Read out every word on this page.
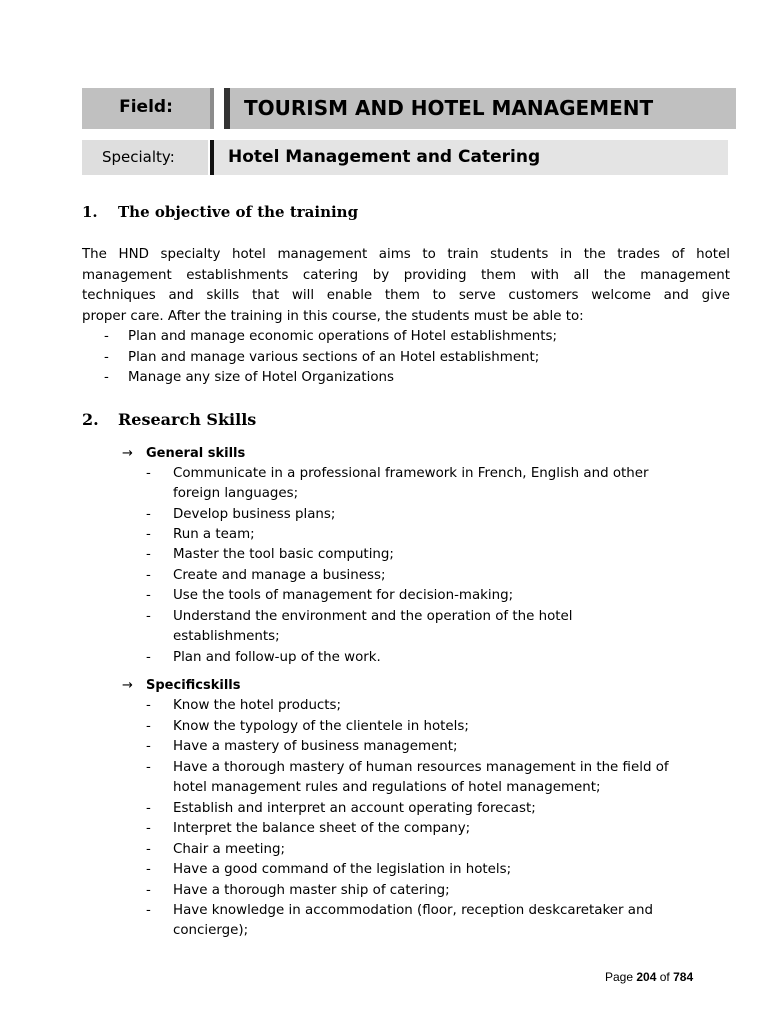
Field:	TOURISM AND HOTEL MANAGEMENT
Specialty:	Hotel Management and Catering
1. The objective of the training
The HND specialty hotel management aims to train students in the trades of hotel
management establishments catering by providing them with all the management
techniques and skills that will enable them to serve customers welcome and give
proper care. After the training in this course, the students must be able to:
- Plan and manage economic operations of Hotel establishments;
- Plan and manage various sections of an Hotel establishment;
- Manage any size of Hotel Organizations
2. Research Skills
→ General skills
- Communicate in a professional framework in French, English and other
foreign languages;
- Develop business plans;
- Run a team;
- Master the tool basic computing;
- Create and manage a business;
- Use the tools of management for decision-making;
- Understand the environment and the operation of the hotel
establishments;
- Plan and follow-up of the work.
→ Specificskills
- Know the hotel products;
- Know the typology of the clientele in hotels;
- Have a mastery of business management;
- Have a thorough mastery of human resources management in the field of
hotel management rules and regulations of hotel management;
- Establish and interpret an account operating forecast;
- Interpret the balance sheet of the company;
- Chair a meeting;
- Have a good command of the legislation in hotels;
- Have a thorough master ship of catering;
- Have knowledge in accommodation (floor, reception deskcaretaker and
concierge);
Page 204 of 784
